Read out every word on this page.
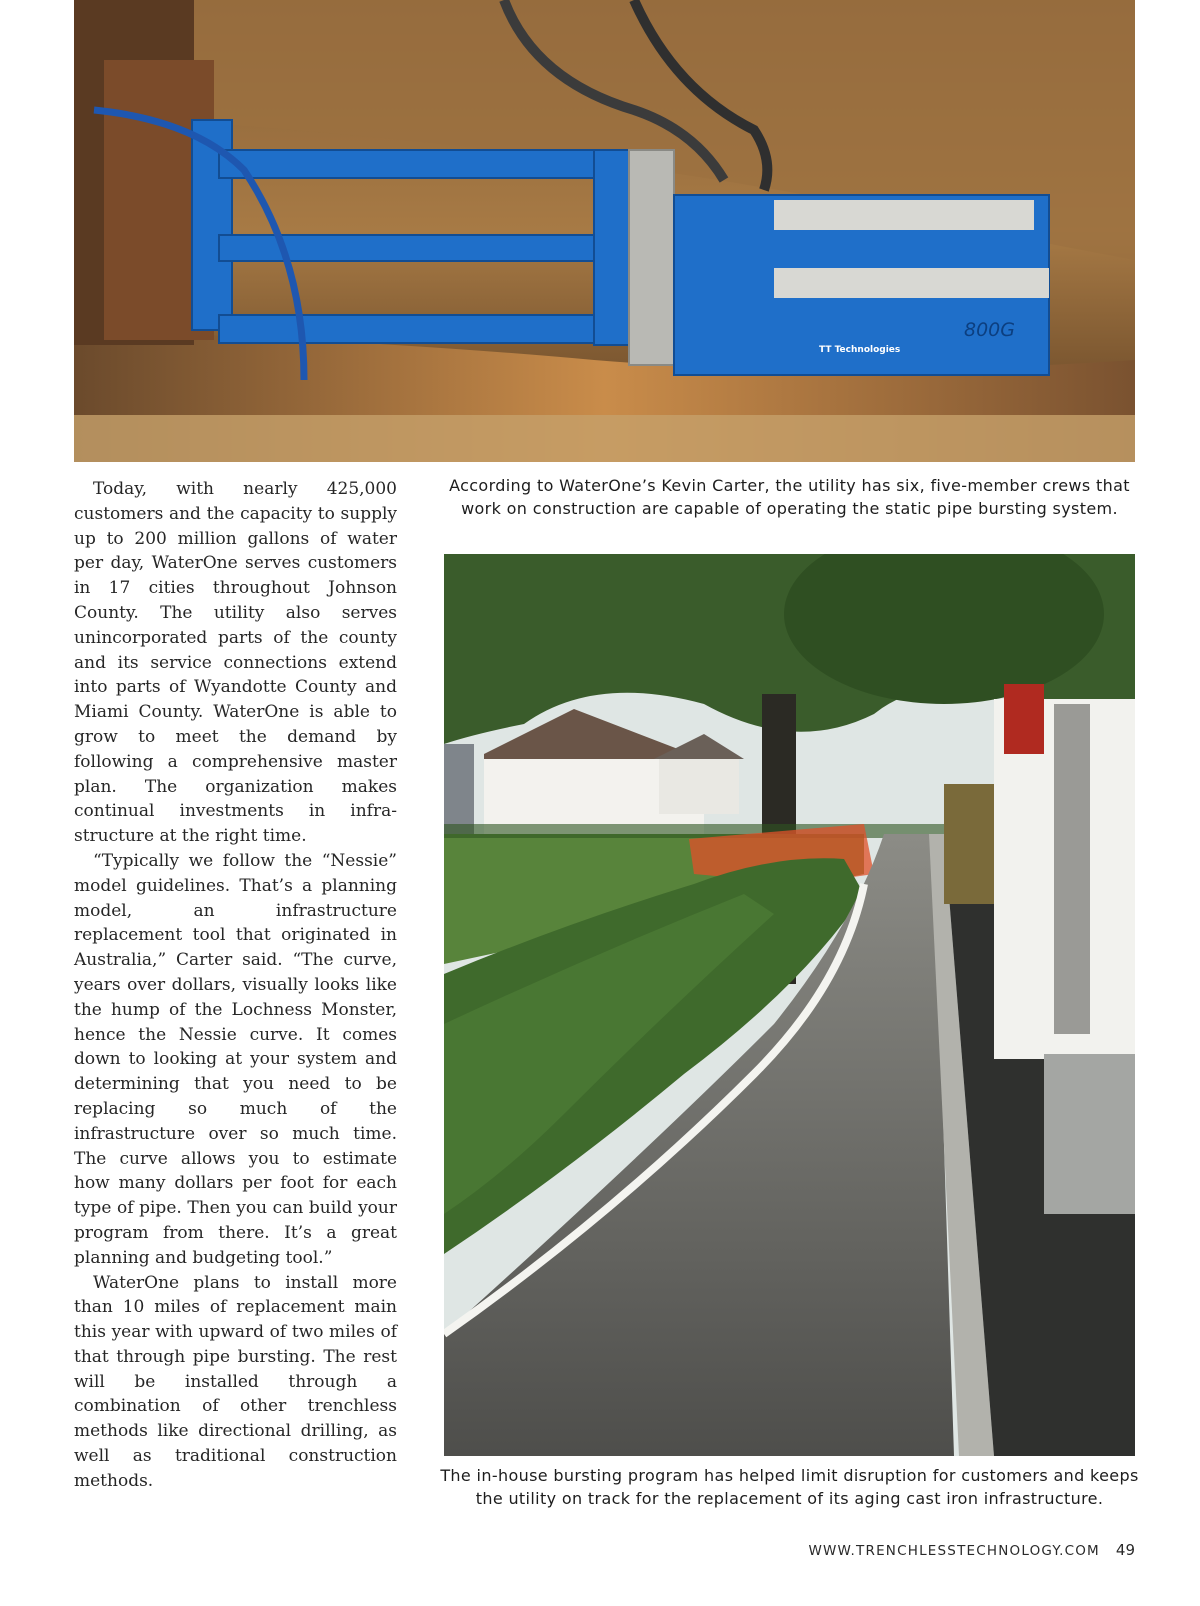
800G
TT Technologies

According to WaterOne’s Kevin Carter, the utility has six, five-member crews that work on construction are capable of operating the static pipe bursting system.

Today, with nearly 425,000 customers and the capacity to supply up to 200 million gallons of water per day, WaterOne serves customers in 17 cities throughout Johnson County. The utility also serves unincorporated parts of the county and its service connections extend into parts of Wyandotte County and Miami County. WaterOne is able to grow to meet the demand by following a comprehensive master plan. The organization makes continual investments in infrastructure at the right time.

“Typically we follow the “Nessie” model guidelines. That’s a planning model, an infrastructure replacement tool that originated in Australia,” Carter said. “The curve, years over dollars, visually looks like the hump of the Lochness Monster, hence the Nessie curve. It comes down to looking at your system and determining that you need to be replacing so much of the infrastructure over so much time. The curve allows you to estimate how many dollars per foot for each type of pipe. Then you can build your program from there. It’s a great planning and budgeting tool.”

WaterOne plans to install more than 10 miles of replacement main this year with upward of two miles of that through pipe bursting. The rest will be installed through a combination of other trenchless methods like directional drilling, as well as traditional construction methods.	The in-house bursting program has helped limit disruption for customers and keeps the utility on track for the replacement of its aging cast iron infrastructure.

WWW.TRENCHLESSTECHNOLOGY.COM 49
